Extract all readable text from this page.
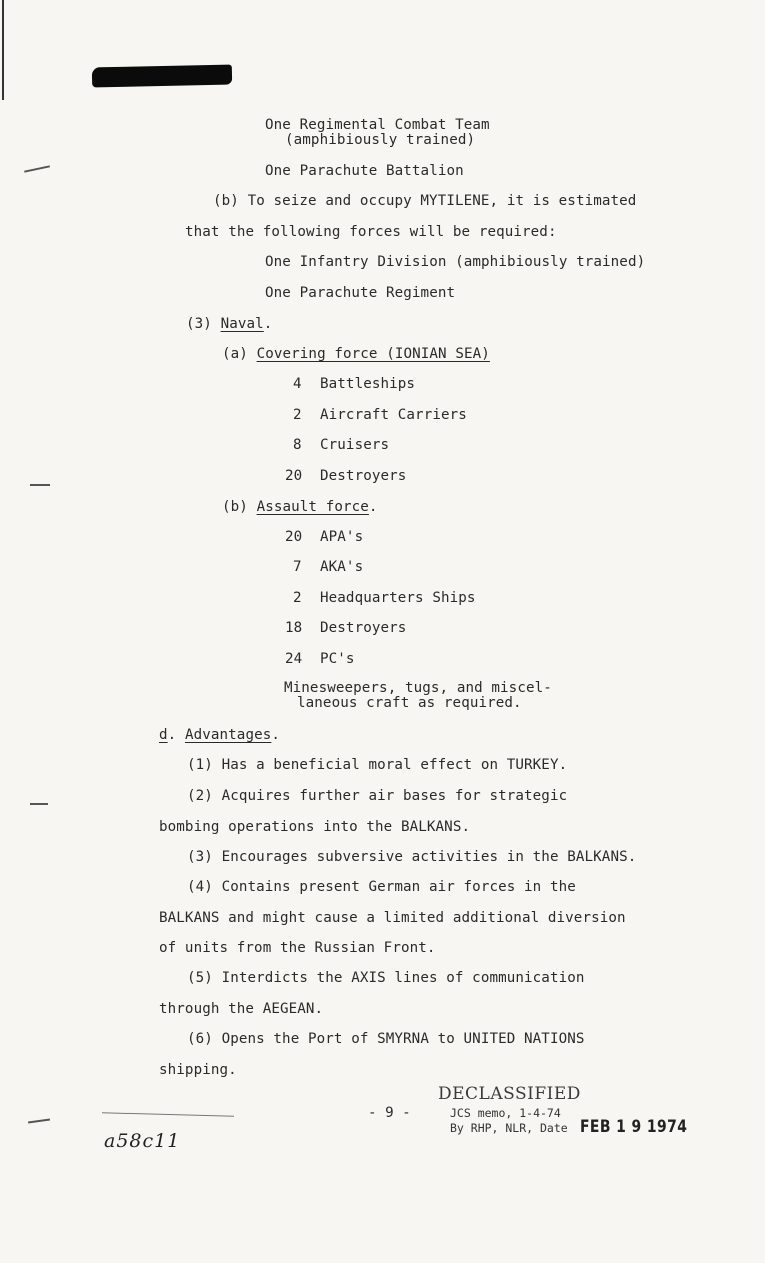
One Regimental Combat Team
(amphibiously trained)
One Parachute Battalion
(b) To seize and occupy MYTILENE, it is estimated
that the following forces will be required:
One Infantry Division (amphibiously trained)
One Parachute Regiment
(3) Naval.
(a) Covering force (IONIAN SEA)
4 Battleships
2 Aircraft Carriers
8 Cruisers
20 Destroyers
(b) Assault force.
20 APA's
7 AKA's
2 Headquarters Ships
18 Destroyers
24 PC's
Minesweepers, tugs, and miscel-
laneous craft as required.
d. Advantages.
(1) Has a beneficial moral effect on TURKEY.
(2) Acquires further air bases for strategic
bombing operations into the BALKANS.
(3) Encourages subversive activities in the BALKANS.
(4) Contains present German air forces in the
BALKANS and might cause a limited additional diversion
of units from the Russian Front.
(5) Interdicts the AXIS lines of communication
through the AEGEAN.
(6) Opens the Port of SMYRNA to UNITED NATIONS
shipping.
- 9 -
DECLASSIFIED
JCS memo, 1-4-74
By RHP, NLR, Date FEB 1 9 1974
a58c11
